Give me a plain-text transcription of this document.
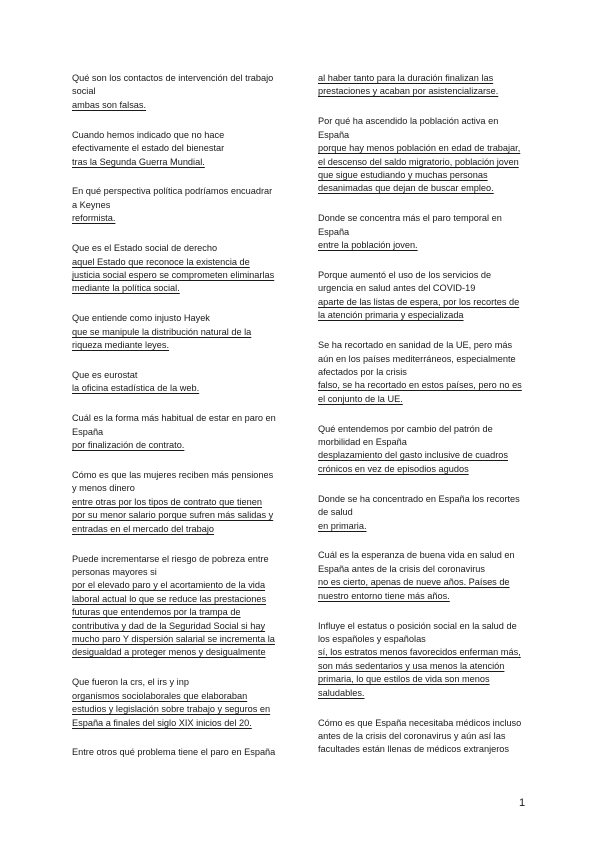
Qué son los contactos de intervención del trabajo social
ambas son falsas.
Cuando hemos indicado que no hace efectivamente el estado del bienestar
tras la Segunda Guerra Mundial.
En qué perspectiva política podríamos encuadrar a Keynes
reformista.
Que es el Estado social de derecho
aquel Estado que reconoce la existencia de justicia social espero se comprometen eliminarlas mediante la política social.
Que entiende como injusto Hayek
que se manipule la distribución natural de la riqueza mediante leyes.
Que es eurostat
la oficina estadística de la web.
Cuál es la forma más habitual de estar en paro en España
por finalización de contrato.
Cómo es que las mujeres reciben más pensiones y menos dinero
entre otras por los tipos de contrato que tienen por su menor salario porque sufren más salidas y entradas en el mercado del trabajo
Puede incrementarse el riesgo de pobreza entre personas mayores si
por el elevado paro y el acortamiento de la vida laboral actual lo que se reduce las prestaciones futuras que entendemos por la trampa de contributiva y dad de la Seguridad Social si hay mucho paro Y dispersión salarial se incrementa la desigualdad a proteger menos y desigualmente
Que fueron la crs, el irs y inp
organismos sociolaborales que elaboraban estudios y legislación sobre trabajo y seguros en España a finales del siglo XIX inicios del 20.
Entre otros qué problema tiene el paro en España
al haber tanto para la duración finalizan las prestaciones y acaban por asistencializarse.
Por qué ha ascendido la población activa en España
porque hay menos población en edad de trabajar, el descenso del saldo migratorio, población joven que sigue estudiando y muchas personas desanimadas que dejan de buscar empleo.
Donde se concentra más el paro temporal en España
entre la población joven.
Porque aumentó el uso de los servicios de urgencia en salud antes del COVID-19
aparte de las listas de espera, por los recortes de la atención primaria y especializada
Se ha recortado en sanidad de la UE, pero más aún en los países mediterráneos, especialmente afectados por la crisis
falso, se ha recortado en estos países, pero no es el conjunto de la UE.
Qué entendemos por cambio del patrón de morbilidad en España
desplazamiento del gasto inclusive de cuadros crónicos en vez de episodios agudos
Donde se ha concentrado en España los recortes de salud
en primaria.
Cuál es la esperanza de buena vida en salud en España antes de la crisis del coronavirus
no es cierto, apenas de nueve años. Países de nuestro entorno tiene más años.
Influye el estatus o posición social en la salud de los españoles y españolas
sí, los estratos menos favorecidos enferman más, son más sedentarios y usa menos la atención primaria, lo que estilos de vida son menos saludables.
Cómo es que España necesitaba médicos incluso antes de la crisis del coronavirus y aún así las facultades están llenas de médicos extranjeros
1
